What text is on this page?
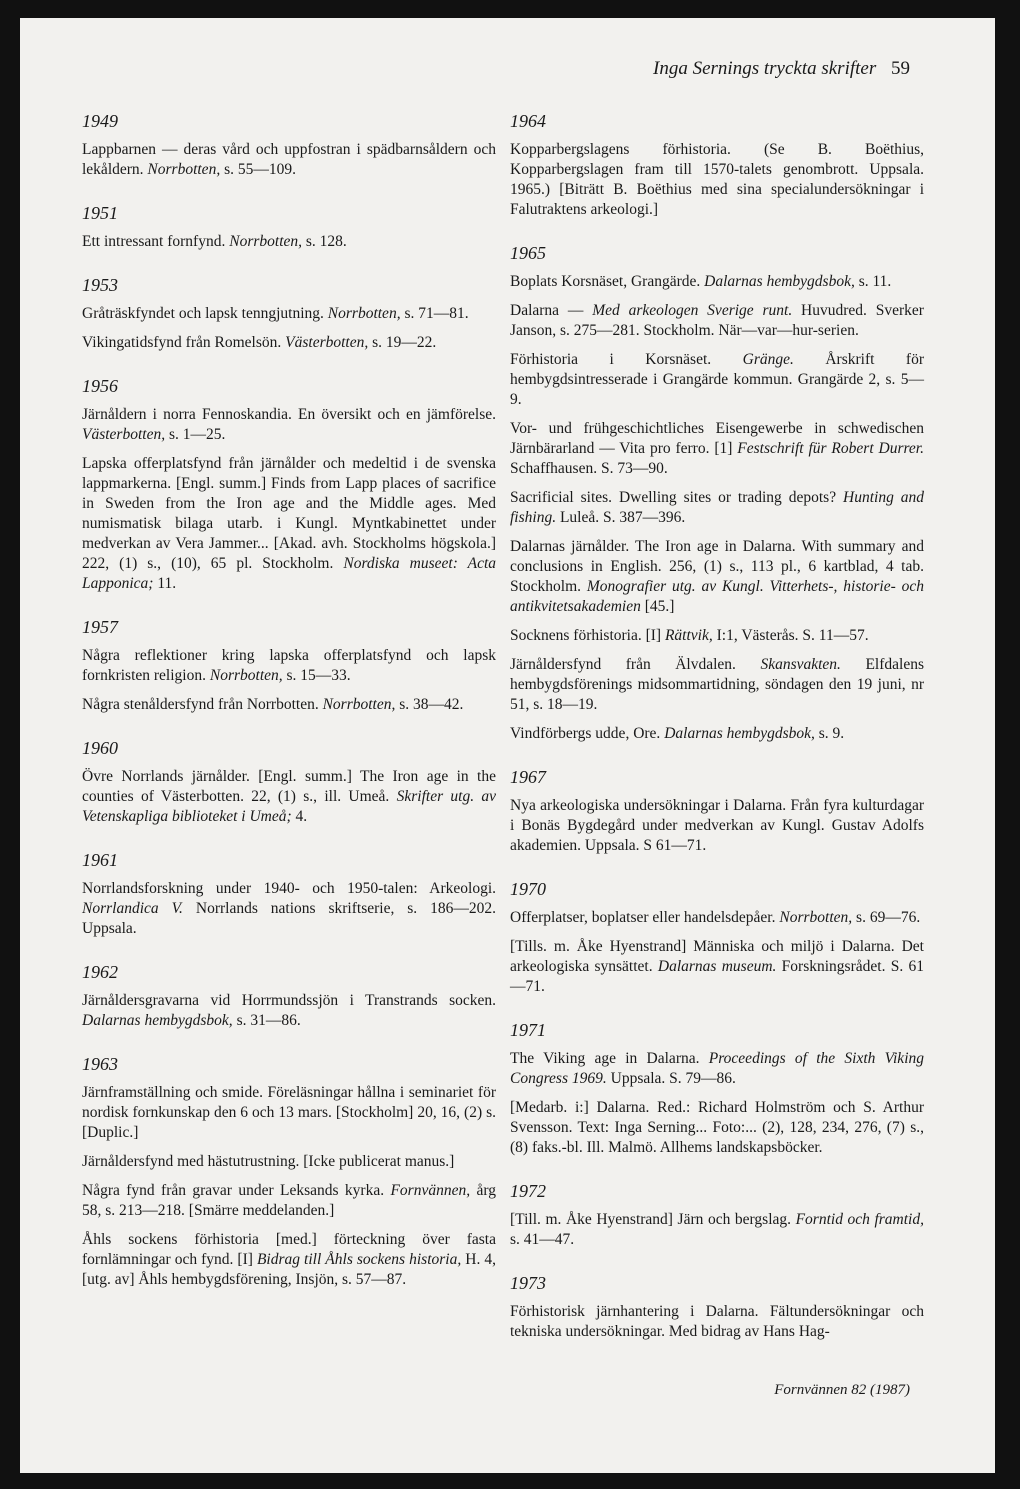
Inga Sernings tryckta skrifter 59
1949

Lappbarnen — deras vård och uppfostran i spädbarnsåldern och lekåldern. Norrbotten, s. 55—109.

1951

Ett intressant fornfynd. Norrbotten, s. 128.

1953

Gråträskfyndet och lapsk tenngjutning. Norrbotten, s. 71—81.

Vikingatidsfynd från Romelsön. Västerbotten, s. 19—22.

1956

Järnåldern i norra Fennoskandia. En översikt och en jämförelse. Västerbotten, s. 1—25.

Lapska offerplatsfynd från järnålder och medeltid i de svenska lappmarkerna. [Engl. summ.] Finds from Lapp places of sacrifice in Sweden from the Iron age and the Middle ages. Med numismatisk bilaga utarb. i Kungl. Myntkabinettet under medverkan av Vera Jammer... [Akad. avh. Stockholms högskola.] 222, (1) s., (10), 65 pl. Stockholm. Nordiska museet: Acta Lapponica; 11.

1957

Några reflektioner kring lapska offerplatsfynd och lapsk fornkristen religion. Norrbotten, s. 15—33.

Några stenåldersfynd från Norrbotten. Norrbotten, s. 38—42.

1960

Övre Norrlands järnålder. [Engl. summ.] The Iron age in the counties of Västerbotten. 22, (1) s., ill. Umeå. Skrifter utg. av Vetenskapliga biblioteket i Umeå; 4.

1961

Norrlandsforskning under 1940- och 1950-talen: Arkeologi. Norrlandica V. Norrlands nations skriftserie, s. 186—202. Uppsala.

1962

Järnåldersgravarna vid Horrmundssjön i Transtrands socken. Dalarnas hembygdsbok, s. 31—86.

1963

Järnframställning och smide. Föreläsningar hållna i seminariet för nordisk fornkunskap den 6 och 13 mars. [Stockholm] 20, 16, (2) s. [Duplic.]

Järnåldersfynd med hästutrustning. [Icke publicerat manus.]

Några fynd från gravar under Leksands kyrka. Fornvännen, årg 58, s. 213—218. [Smärre meddelanden.]

Åhls sockens förhistoria [med.] förteckning över fasta fornlämningar och fynd. [I] Bidrag till Åhls sockens historia, H. 4, [utg. av] Åhls hembygdsförening, Insjön, s. 57—87.

1964

Kopparbergslagens förhistoria. (Se B. Boëthius, Kopparbergslagen fram till 1570-talets genombrott. Uppsala. 1965.) [Biträtt B. Boëthius med sina specialundersökningar i Falutraktens arkeologi.]

1965

Boplats Korsnäset, Grangärde. Dalarnas hembygdsbok, s. 11.

Dalarna — Med arkeologen Sverige runt. Huvudred. Sverker Janson, s. 275—281. Stockholm. När—var—hur-serien.

Förhistoria i Korsnäset. Gränge. Årskrift för hembygdsintresserade i Grangärde kommun. Grangärde 2, s. 5—9.

Vor- und frühgeschichtliches Eisengewerbe in schwedischen Järnbärarland — Vita pro ferro. [1] Festschrift für Robert Durrer. Schaffhausen. S. 73—90.

Sacrificial sites. Dwelling sites or trading depots? Hunting and fishing. Luleå. S. 387—396.

Dalarnas järnålder. The Iron age in Dalarna. With summary and conclusions in English. 256, (1) s., 113 pl., 6 kartblad, 4 tab. Stockholm. Monografier utg. av Kungl. Vitterhets-, historie- och antikvitetsakademien [45.]

Socknens förhistoria. [I] Rättvik, I:1, Västerås. S. 11—57.

Järnåldersfynd från Älvdalen. Skansvakten. Elfdalens hembygdsförenings midsommartidning, söndagen den 19 juni, nr 51, s. 18—19.

Vindförbergs udde, Ore. Dalarnas hembygdsbok, s. 9.

1967

Nya arkeologiska undersökningar i Dalarna. Från fyra kulturdagar i Bonäs Bygdegård under medverkan av Kungl. Gustav Adolfs akademien. Uppsala. S 61—71.

1970

Offerplatser, boplatser eller handelsdepåer. Norrbotten, s. 69—76.

[Tills. m. Åke Hyenstrand] Människa och miljö i Dalarna. Det arkeologiska synsättet. Dalarnas museum. Forskningsrådet. S. 61—71.

1971

The Viking age in Dalarna. Proceedings of the Sixth Viking Congress 1969. Uppsala. S. 79—86.

[Medarb. i:] Dalarna. Red.: Richard Holmström och S. Arthur Svensson. Text: Inga Serning... Foto:... (2), 128, 234, 276, (7) s., (8) faks.-bl. Ill. Malmö. Allhems landskapsböcker.

1972

[Till. m. Åke Hyenstrand] Järn och bergslag. Forntid och framtid, s. 41—47.

1973

Förhistorisk järnhantering i Dalarna. Fältundersökningar och tekniska undersökningar. Med bidrag av Hans Hag-

Fornvännen 82 (1987)
